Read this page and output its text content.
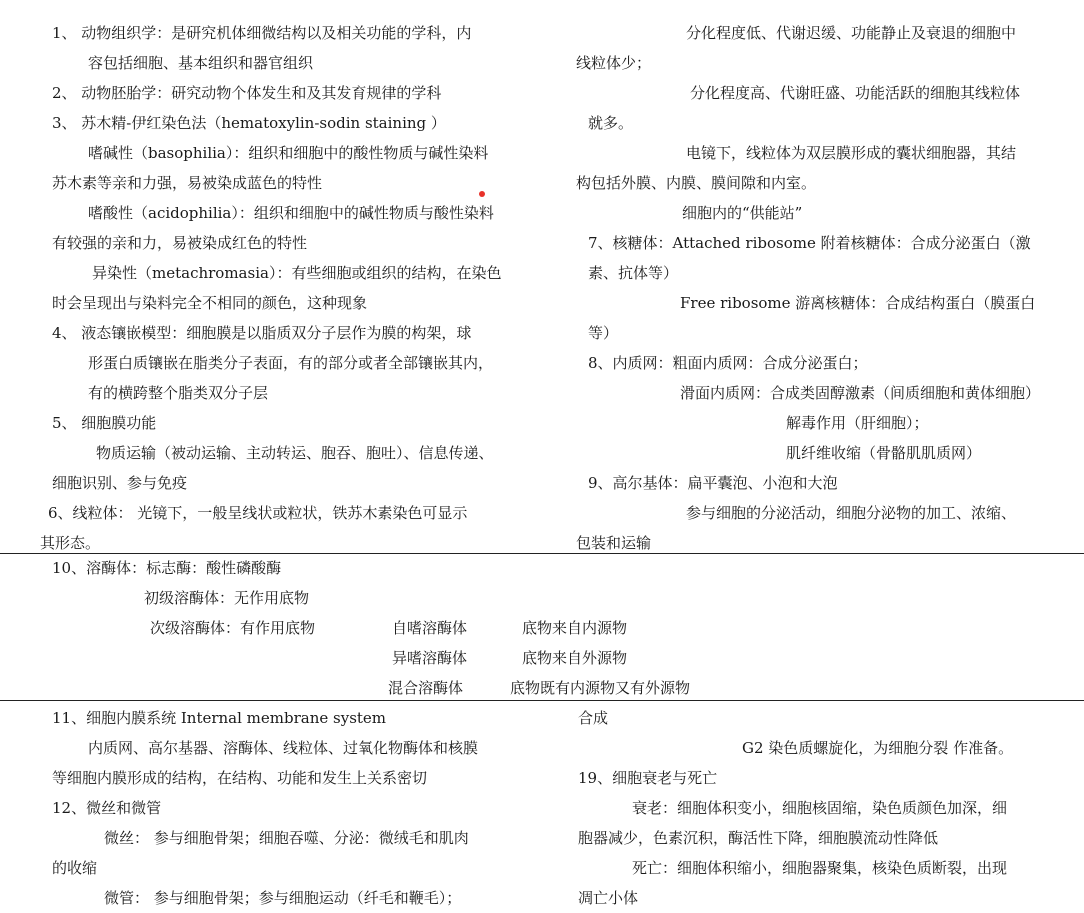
1、 动物组织学：是研究机体细微结构以及相关功能的学科，内
容包括细胞、基本组织和器官组织
2、 动物胚胎学：研究动物个体发生和及其发育规律的学科
3、 苏木精-伊红染色法（hematoxylin-sodin staining ）
嗜碱性（basophilia）：组织和细胞中的酸性物质与碱性染料
苏木素等亲和力强，易被染成蓝色的特性
嗜酸性（acidophilia）：组织和细胞中的碱性物质与酸性染料
有较强的亲和力，易被染成红色的特性
异染性（metachromasia）：有些细胞或组织的结构，在染色
时会呈现出与染料完全不相同的颜色，这种现象
4、 液态镶嵌模型：细胞膜是以脂质双分子层作为膜的构架，球
形蛋白质镶嵌在脂类分子表面，有的部分或者全部镶嵌其内，
有的横跨整个脂类双分子层
5、 细胞膜功能
物质运输（被动运输、主动转运、胞吞、胞吐）、信息传递、
细胞识别、参与免疫
6、线粒体： 光镜下，一般呈线状或粒状，铁苏木素染色可显示
其形态。
分化程度低、代谢迟缓、功能静止及衰退的细胞中
线粒体少；
分化程度高、代谢旺盛、功能活跃的细胞其线粒体
就多。
电镜下，线粒体为双层膜形成的囊状细胞器，其结
构包括外膜、内膜、膜间隙和内室。
细胞内的“供能站”
7、核糖体：Attached ribosome 附着核糖体：合成分泌蛋白（激
素、抗体等）
Free ribosome 游离核糖体：合成结构蛋白（膜蛋白
等）
8、内质网：粗面内质网：合成分泌蛋白；
滑面内质网：合成类固醇激素（间质细胞和黄体细胞）
解毒作用（肝细胞）；
肌纤维收缩（骨骼肌肌质网）
9、高尔基体：扁平囊泡、小泡和大泡
参与细胞的分泌活动，细胞分泌物的加工、浓缩、
包装和运输
10、溶酶体：标志酶：酸性磷酸酶
初级溶酶体：无作用底物
次级溶酶体：有作用底物	自嗜溶酶体	底物来自内源物
异嗜溶酶体	底物来自外源物
混合溶酶体	底物既有内源物又有外源物
11、细胞内膜系统 Internal membrane system
内质网、高尔基器、溶酶体、线粒体、过氧化物酶体和核膜
等细胞内膜形成的结构，在结构、功能和发生上关系密切
12、微丝和微管
微丝： 参与细胞骨架；细胞吞噬、分泌：微绒毛和肌肉
的收缩
微管： 参与细胞骨架；参与细胞运动（纤毛和鞭毛）；
合成
G2 染色质螺旋化，为细胞分裂 作准备。
19、细胞衰老与死亡
衰老：细胞体积变小，细胞核固缩，染色质颜色加深，细
胞器减少，色素沉积，酶活性下降，细胞膜流动性降低
死亡：细胞体积缩小，细胞器聚集，核染色质断裂，出现
凋亡小体
